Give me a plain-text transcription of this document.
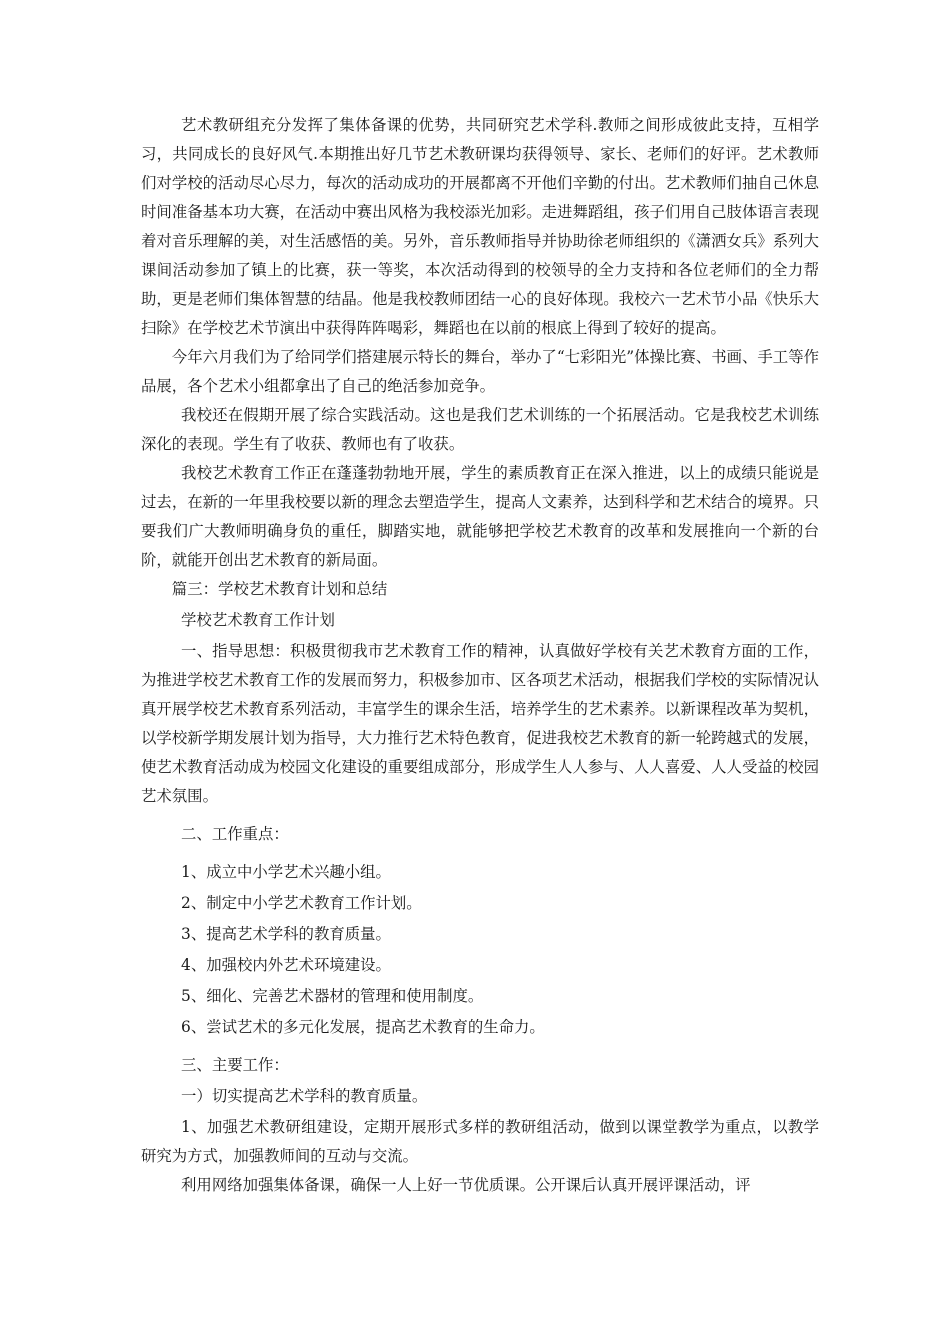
艺术教研组充分发挥了集体备课的优势，共同研究艺术学科.教师之间形成彼此支持，互相学习，共同成长的良好风气.本期推出好几节艺术教研课均获得领导、家长、老师们的好评。艺术教师们对学校的活动尽心尽力，每次的活动成功的开展都离不开他们辛勤的付出。艺术教师们抽自己休息时间准备基本功大赛，在活动中赛出风格为我校添光加彩。走进舞蹈组，孩子们用自己肢体语言表现着对音乐理解的美，对生活感悟的美。另外，音乐教师指导并协助徐老师组织的《潇洒女兵》系列大课间活动参加了镇上的比赛，获一等奖，本次活动得到的校领导的全力支持和各位老师们的全力帮助，更是老师们集体智慧的结晶。他是我校教师团结一心的良好体现。我校六一艺术节小品《快乐大扫除》在学校艺术节演出中获得阵阵喝彩，舞蹈也在以前的根底上得到了较好的提高。

今年六月我们为了给同学们搭建展示特长的舞台，举办了“七彩阳光”体操比赛、书画、手工等作品展，各个艺术小组都拿出了自己的绝活参加竞争。

我校还在假期开展了综合实践活动。这也是我们艺术训练的一个拓展活动。它是我校艺术训练深化的表现。学生有了收获、教师也有了收获。

我校艺术教育工作正在蓬蓬勃勃地开展，学生的素质教育正在深入推进，以上的成绩只能说是过去，在新的一年里我校要以新的理念去塑造学生，提高人文素养，达到科学和艺术结合的境界。只要我们广大教师明确身负的重任，脚踏实地，就能够把学校艺术教育的改革和发展推向一个新的台阶，就能开创出艺术教育的新局面。

篇三：学校艺术教育计划和总结

学校艺术教育工作计划

一、指导思想：积极贯彻我市艺术教育工作的精神，认真做好学校有关艺术教育方面的工作，为推进学校艺术教育工作的发展而努力，积极参加市、区各项艺术活动，根据我们学校的实际情况认真开展学校艺术教育系列活动，丰富学生的课余生活，培养学生的艺术素养。以新课程改革为契机，以学校新学期发展计划为指导，大力推行艺术特色教育，促进我校艺术教育的新一轮跨越式的发展，使艺术教育活动成为校园文化建设的重要组成部分，形成学生人人参与、人人喜爱、人人受益的校园艺术氛围。

二、工作重点：

1、成立中小学艺术兴趣小组。

2、制定中小学艺术教育工作计划。

3、提高艺术学科的教育质量。

4、加强校内外艺术环境建设。

5、细化、完善艺术器材的管理和使用制度。

6、尝试艺术的多元化发展，提高艺术教育的生命力。

三、主要工作：

一）切实提高艺术学科的教育质量。

1、加强艺术教研组建设，定期开展形式多样的教研组活动，做到以课堂教学为重点，以教学研究为方式，加强教师间的互动与交流。

利用网络加强集体备课，确保一人上好一节优质课。公开课后认真开展评课活动，评
